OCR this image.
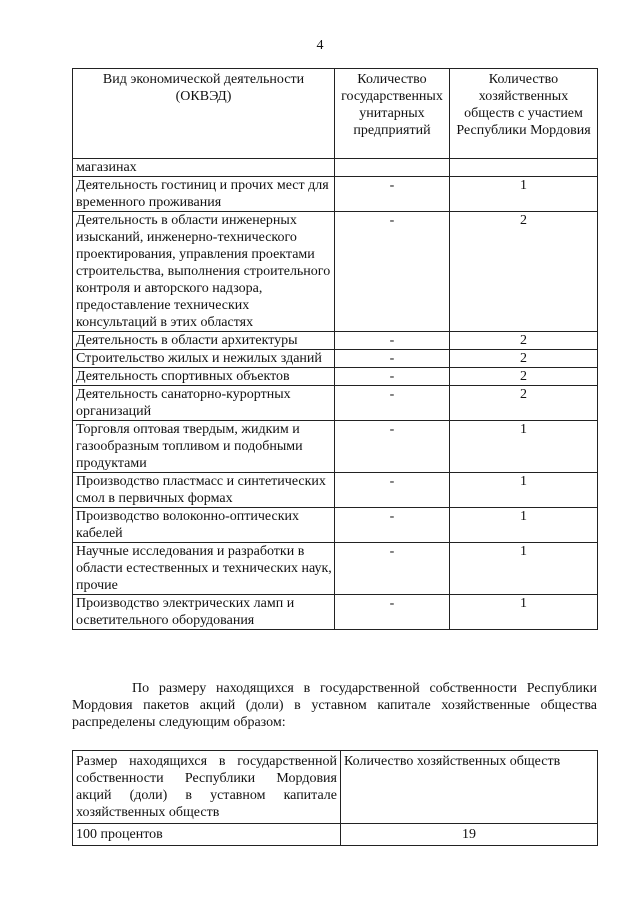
4
Вид экономической деятельности (ОКВЭД)	Количество государственных унитарных предприятий	Количество хозяйственных обществ с участием Республики Мордовия
магазинах		
Деятельность гостиниц и прочих мест для временного проживания	-	1
Деятельность в области инженерных изысканий, инженерно-технического проектирования, управления проектами строительства, выполнения строительного контроля и авторского надзора, предоставление технических консультаций в этих областях	-	2
Деятельность в области архитектуры	-	2
Строительство жилых и нежилых зданий	-	2
Деятельность спортивных объектов	-	2
Деятельность санаторно-курортных организаций	-	2
Торговля оптовая твердым, жидким и газообразным топливом и подобными продуктами	-	1
Производство пластмасс и синтетических смол в первичных формах	-	1
Производство волоконно-оптических кабелей	-	1
Научные исследования и разработки в области естественных и технических наук, прочие	-	1
Производство электрических ламп и осветительного оборудования	-	1
По размеру находящихся в государственной собственности Республики Мордовия пакетов акций (доли) в уставном капитале хозяйственные общества распределены следующим образом:
Размер находящихся в государственной собственности Республики Мордовия акций (доли) в уставном капитале хозяйственных обществ	Количество хозяйственных обществ
100 процентов	19
